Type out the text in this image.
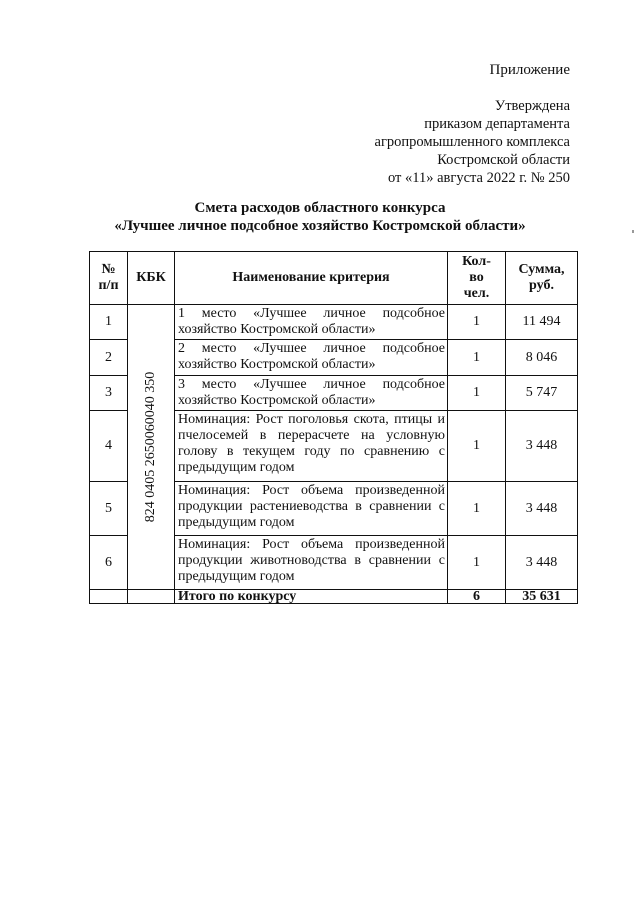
Приложение
Утверждена
приказом департамента
агропромышленного комплекса
Костромской области
от «11» августа 2022 г. № 250
Смета расходов областного конкурса
«Лучшее личное подсобное хозяйство Костромской области»
№ п/п	КБК	Наименование критерия	Кол-во чел.	Сумма, руб.
1	824 0405 2650060040 350	1 место «Лучшее личное подсобное хозяйство Костромской области»	1	11 494
2		2 место «Лучшее личное подсобное хозяйство Костромской области»	1	8 046
3		3 место «Лучшее личное подсобное хозяйство Костромской области»	1	5 747
4		Номинация: Рост поголовья скота, птицы и пчелосемей в перерасчете на условную голову в текущем году по сравнению с предыдущим годом	1	3 448
5		Номинация: Рост объема произведенной продукции растениеводства в сравнении с предыдущим годом	1	3 448
6		Номинация: Рост объема произведенной продукции животноводства в сравнении с предыдущим годом	1	3 448
		Итого по конкурсу	6	35 631
